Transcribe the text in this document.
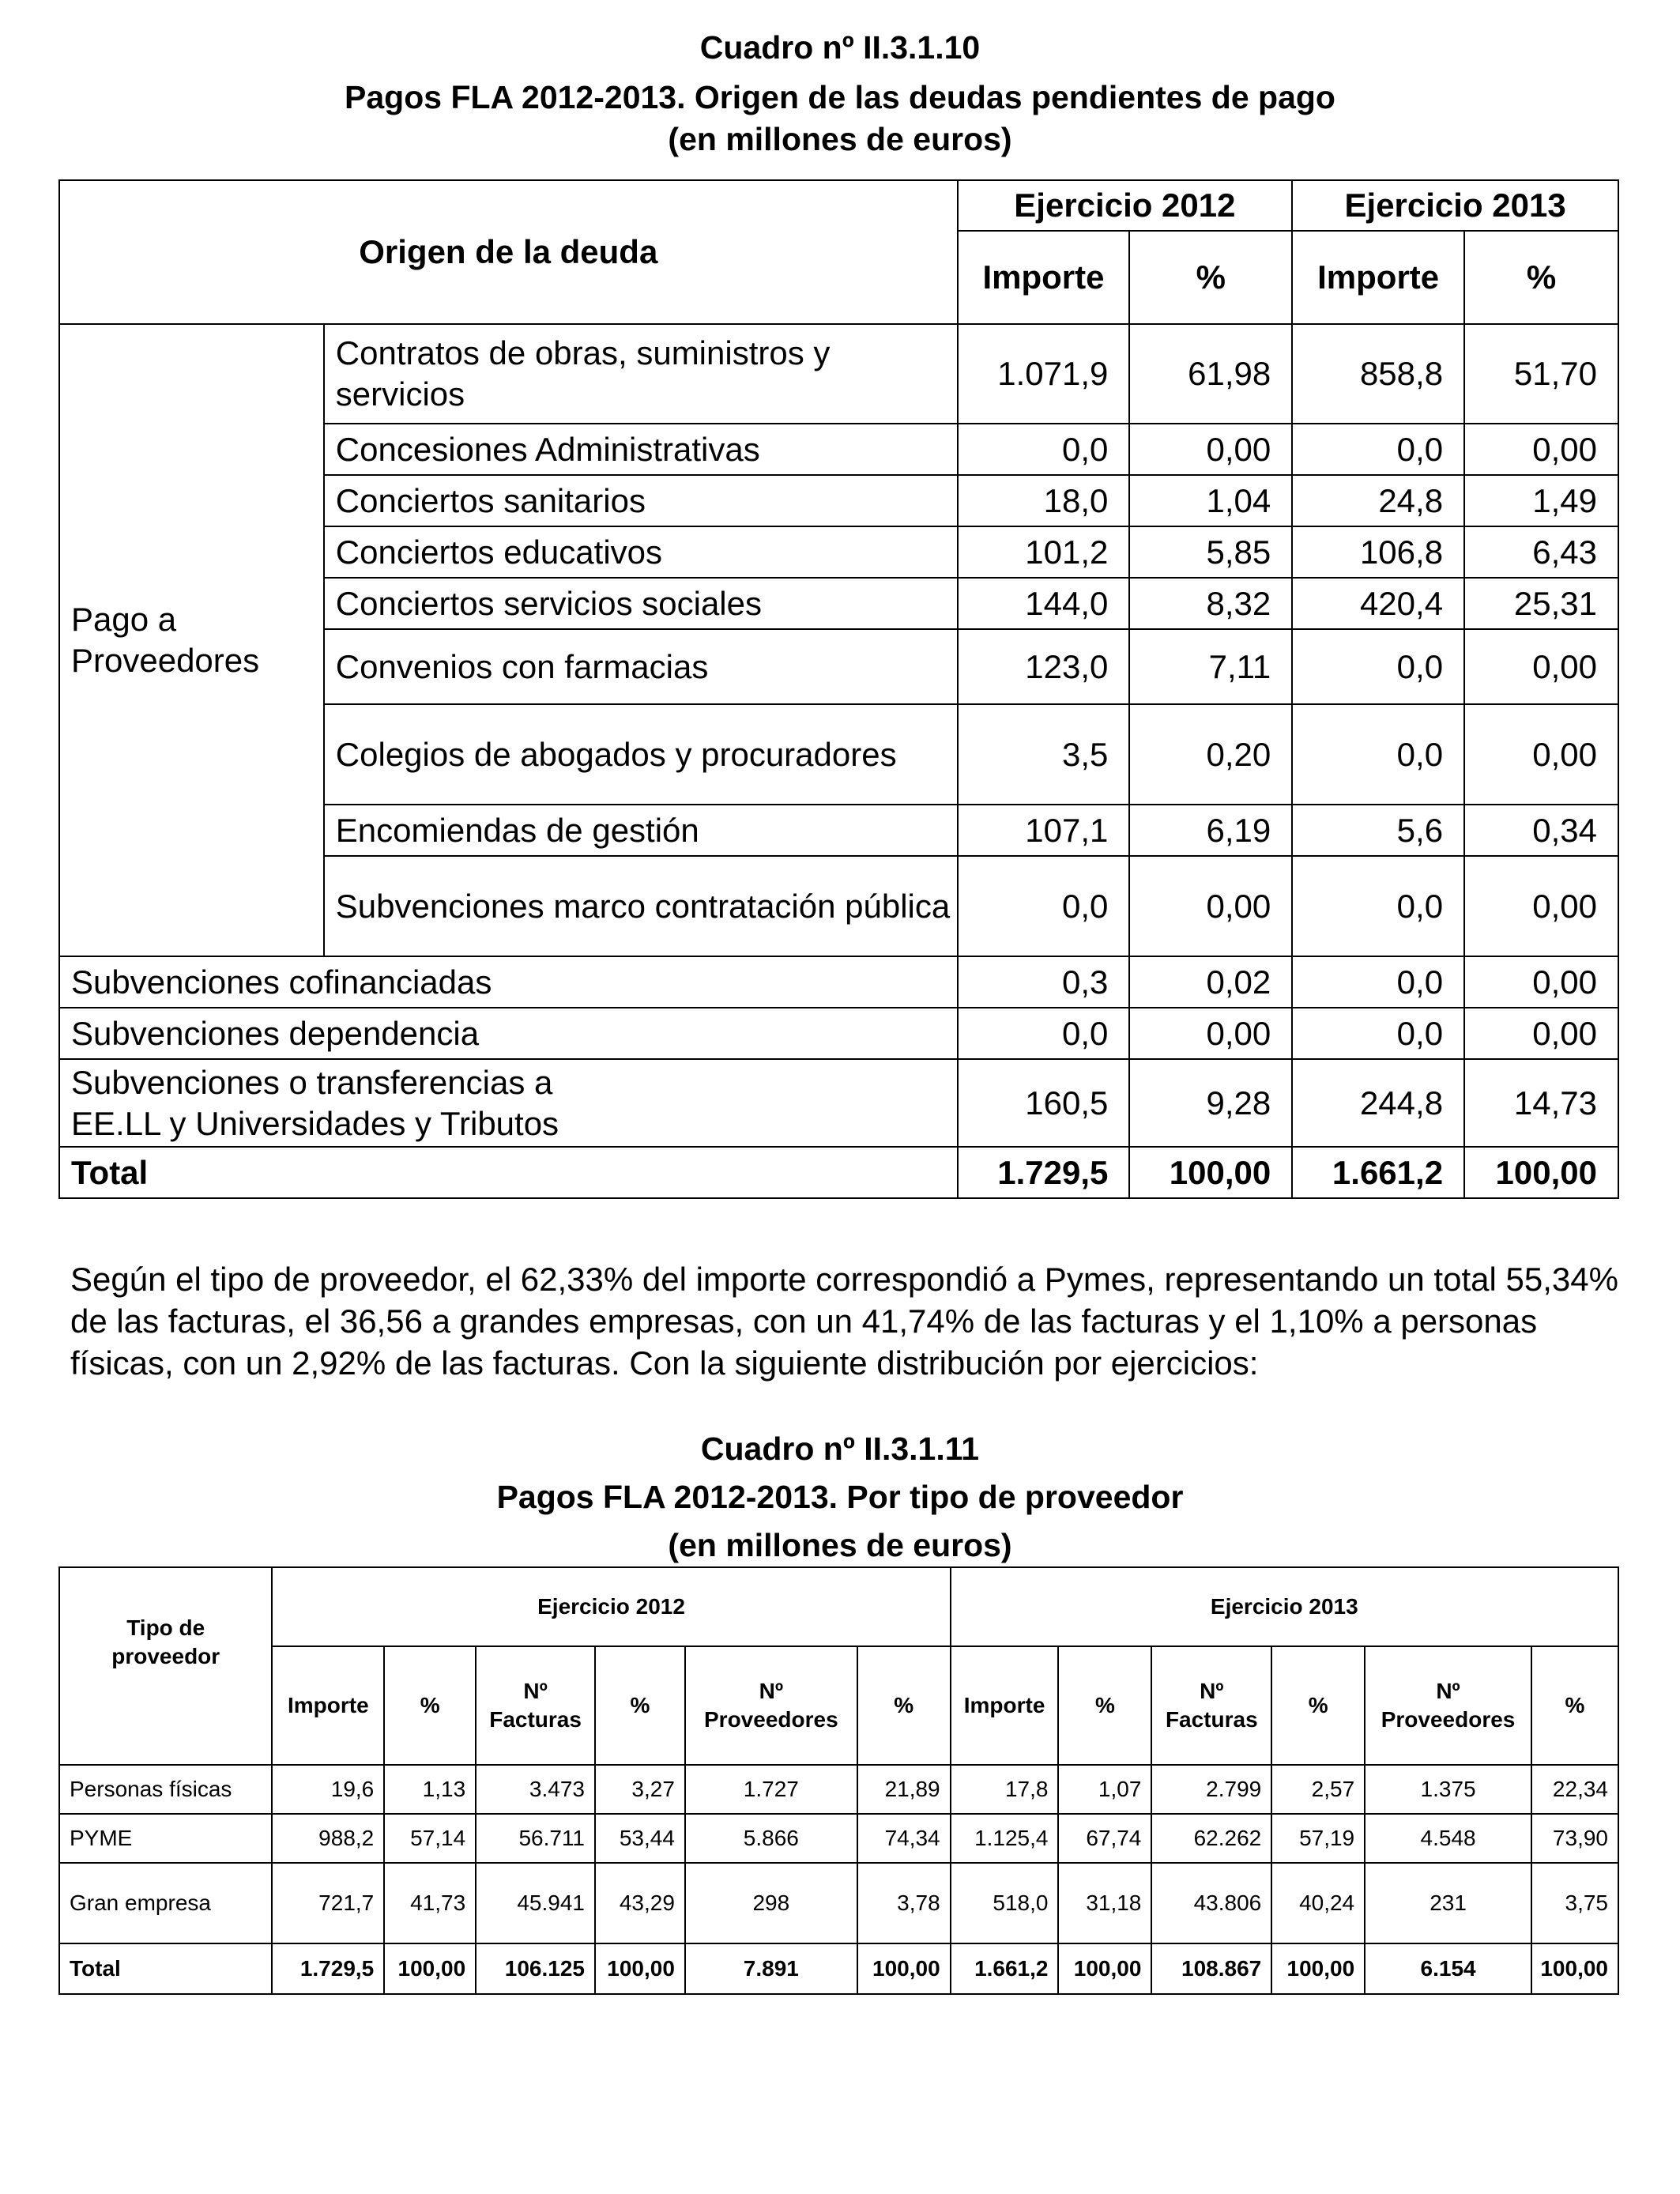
Cuadro nº II.3.1.10
Pagos FLA 2012-2013. Origen de las deudas pendientes de pago
(en millones de euros)
Origen de la deuda		Ejercicio 2012		Ejercicio 2013	
		Importe	%	Importe	%
Pago a Proveedores	Contratos de obras, suministros y servicios	1.071,9	61,98	858,8	51,70
	Concesiones Administrativas	0,0	0,00	0,0	0,00
	Conciertos sanitarios	18,0	1,04	24,8	1,49
	Conciertos educativos	101,2	5,85	106,8	6,43
	Conciertos servicios sociales	144,0	8,32	420,4	25,31
	Convenios con farmacias	123,0	7,11	0,0	0,00
	Colegios de abogados y procuradores	3,5	0,20	0,0	0,00
	Encomiendas de gestión	107,1	6,19	5,6	0,34
	Subvenciones marco contratación pública	0,0	0,00	0,0	0,00
Subvenciones cofinanciadas		0,3	0,02	0,0	0,00
Subvenciones dependencia		0,0	0,00	0,0	0,00
Subvenciones o transferencias a EE.LL y Universidades y Tributos		160,5	9,28	244,8	14,73
Total		1.729,5	100,00	1.661,2	100,00

Según el tipo de proveedor, el 62,33% del importe correspondió a Pymes, representando un total 55,34% de las facturas, el 36,56 a grandes empresas, con un 41,74% de las facturas y el 1,10% a personas físicas, con un 2,92% de las facturas. Con la siguiente distribución por ejercicios:

Cuadro nº II.3.1.11
Pagos FLA 2012-2013. Por tipo de proveedor
(en millones de euros)
Tipo de proveedor	Ejercicio 2012						Ejercicio 2013					
	Importe	%	Nº Facturas	%	Nº Proveedores	%	Importe	%	Nº Facturas	%	Nº Proveedores	%
Personas físicas	19,6	1,13	3.473	3,27	1.727	21,89	17,8	1,07	2.799	2,57	1.375	22,34
PYME	988,2	57,14	56.711	53,44	5.866	74,34	1.125,4	67,74	62.262	57,19	4.548	73,90
Gran empresa	721,7	41,73	45.941	43,29	298	3,78	518,0	31,18	43.806	40,24	231	3,75
Total	1.729,5	100,00	106.125	100,00	7.891	100,00	1.661,2	100,00	108.867	100,00	6.154	100,00
